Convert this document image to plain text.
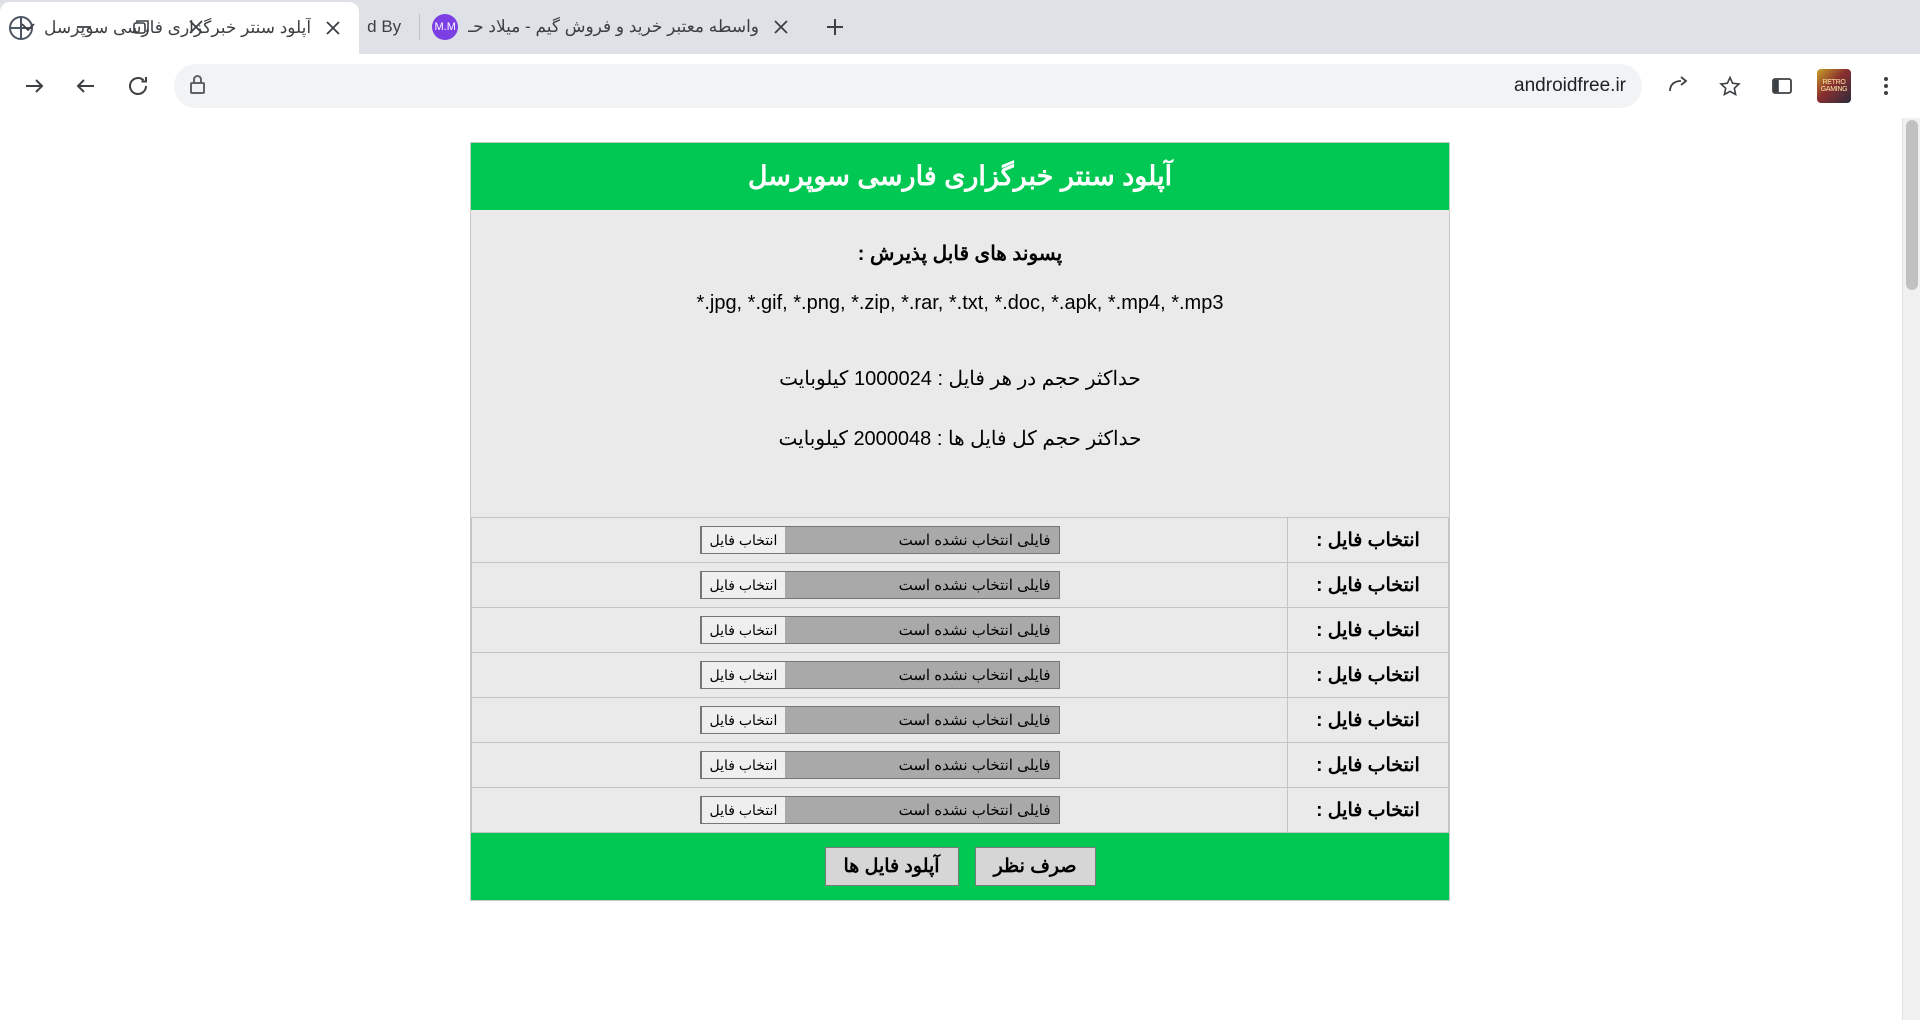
آپلود سنتر خبرگزاری فارسی سوپرسل	d By	M.M واسطه معتبر خرید و فروش گیم - میلاد حـ
androidfree.ir	RETRO GAMING
آپلود سنتر خبرگزاری فارسی سوپرسل
پسوند های قابل پذیرش :
*.jpg, *.gif, *.png, *.zip, *.rar, *.txt, *.doc, *.apk, *.mp4, *.mp3
حداکثر حجم در هر فایل : 1000024 کیلوبایت
حداکثر حجم کل فایل ها : 2000048 کیلوبایت
انتخاب فایل :	انتخاب فایل فایلی انتخاب نشده است

انتخاب فایل :	انتخاب فایل فایلی انتخاب نشده است

انتخاب فایل :	انتخاب فایل فایلی انتخاب نشده است

انتخاب فایل :	انتخاب فایل فایلی انتخاب نشده است

انتخاب فایل :	انتخاب فایل فایلی انتخاب نشده است

انتخاب فایل :	انتخاب فایل فایلی انتخاب نشده است

انتخاب فایل :	انتخاب فایل فایلی انتخاب نشده است
آپلود فایل ها	صرف نظر
